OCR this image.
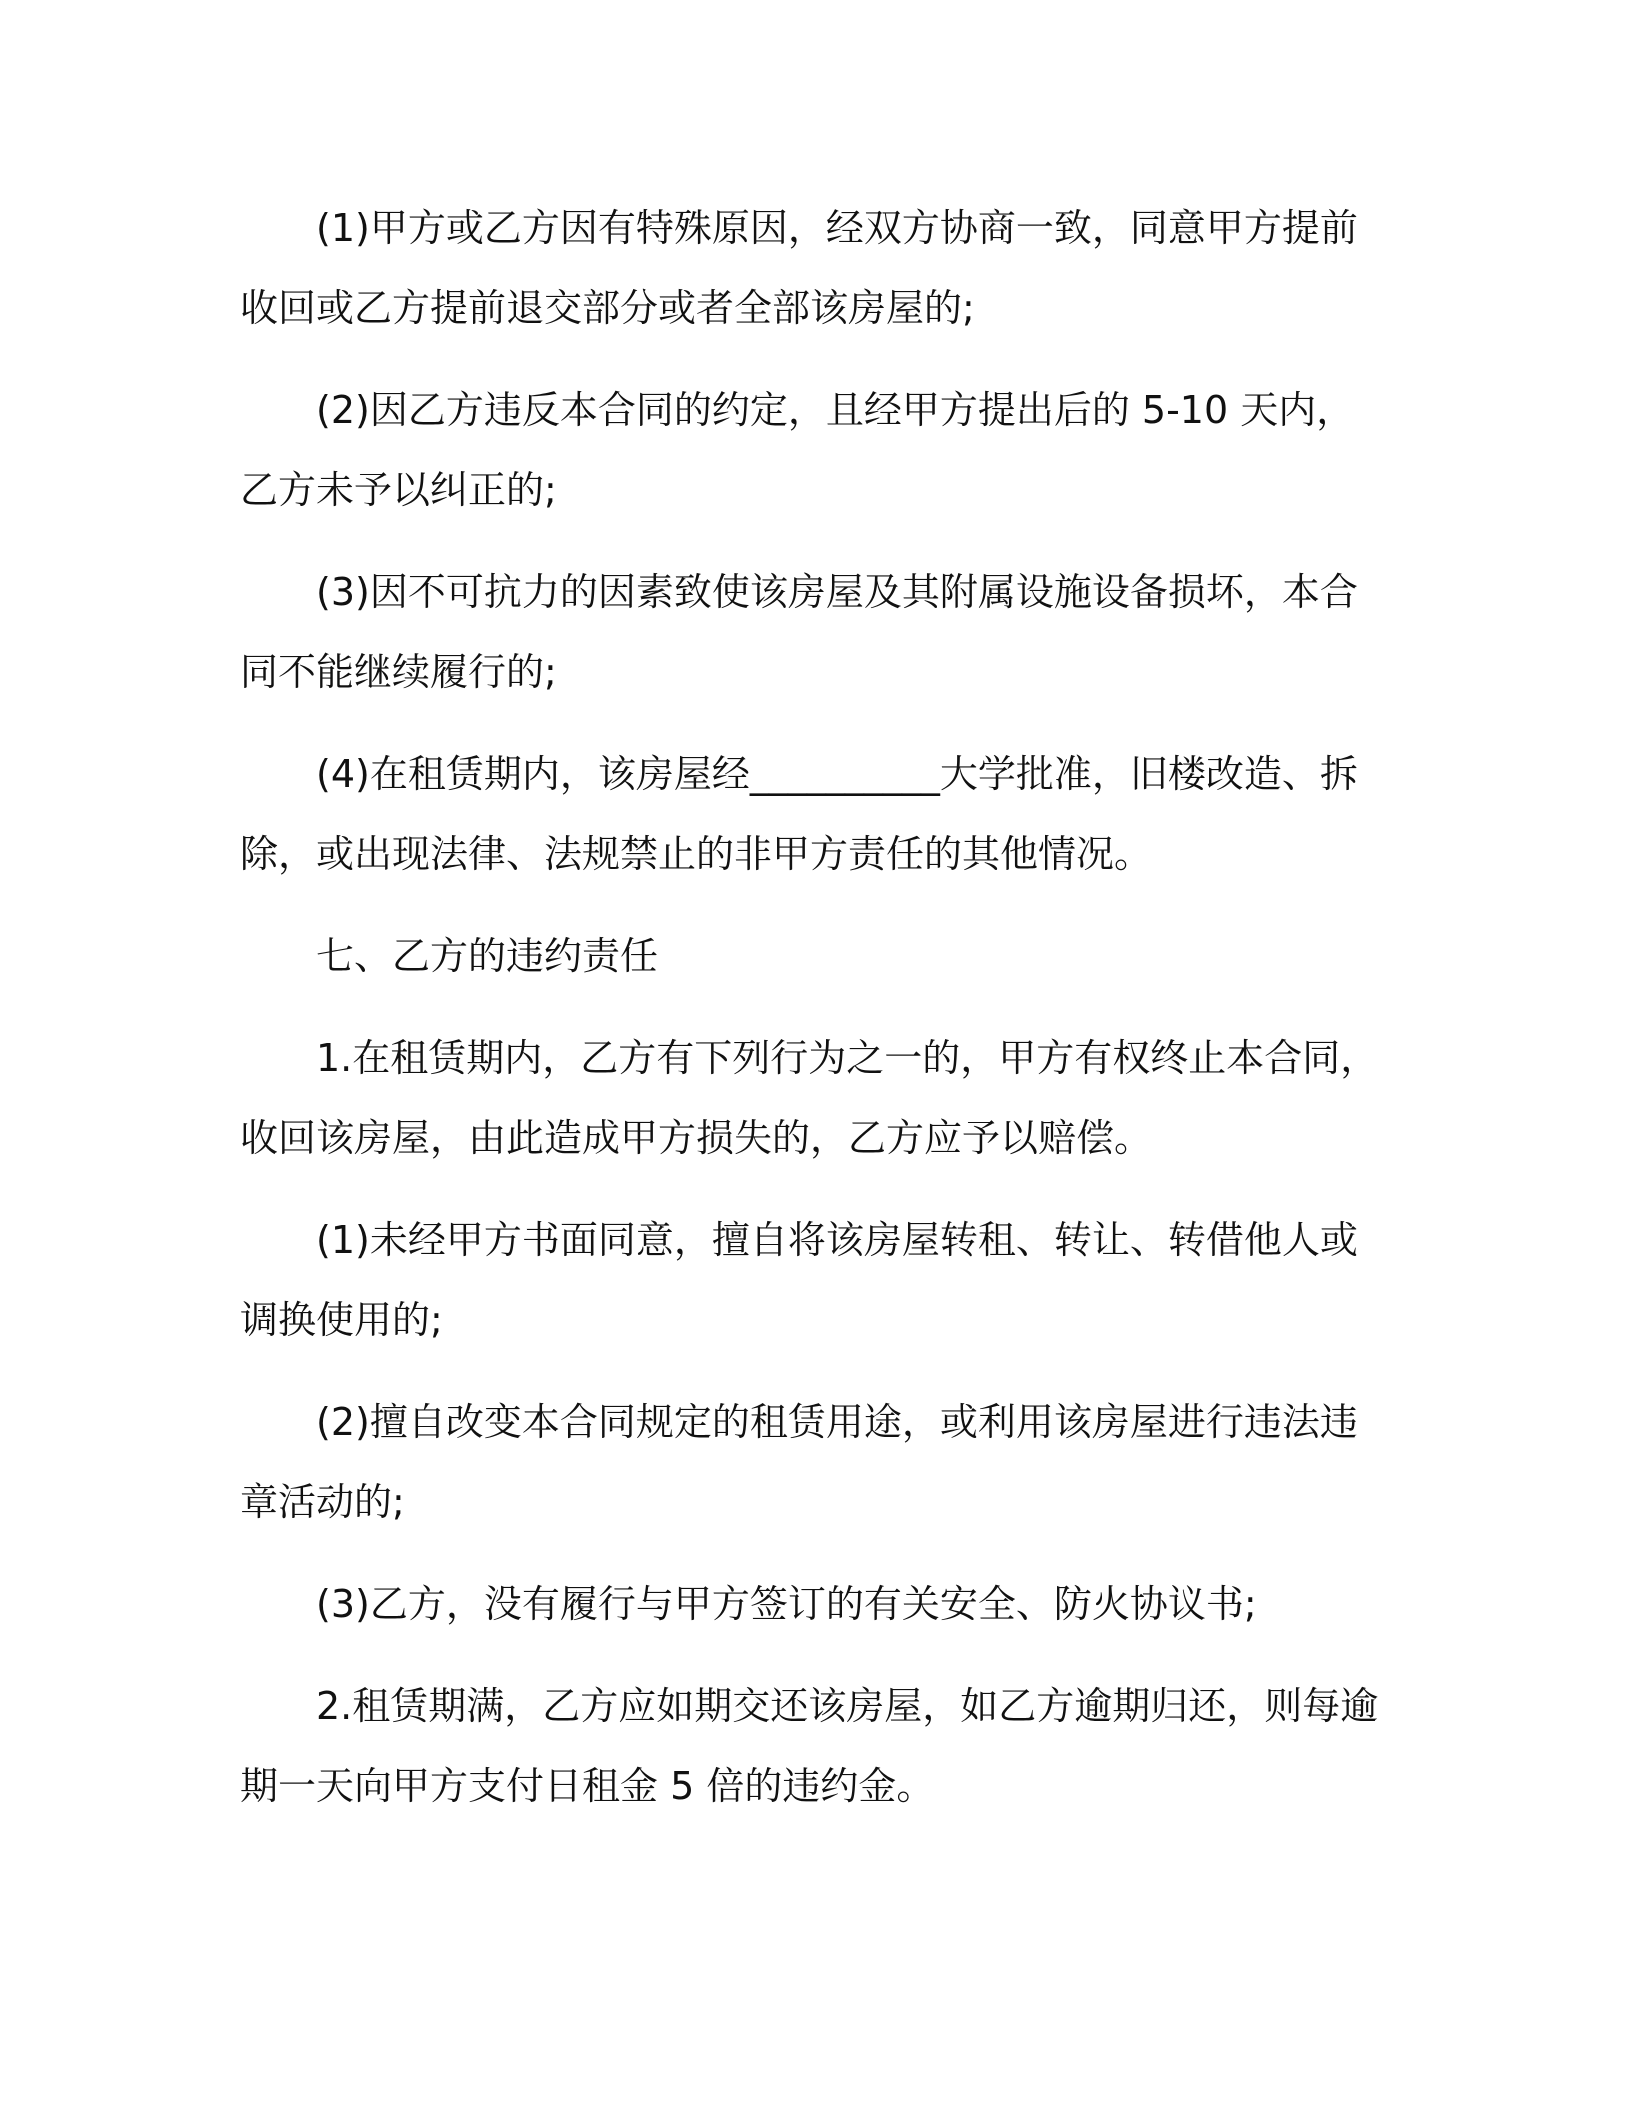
(1)甲方或乙方因有特殊原因，经双方协商一致，同意甲方提前收回或乙方提前退交部分或者全部该房屋的;

(2)因乙方违反本合同的约定，且经甲方提出后的 5-10 天内，乙方未予以纠正的;

(3)因不可抗力的因素致使该房屋及其附属设施设备损坏，本合同不能继续履行的;

(4)在租赁期内，该房屋经__________大学批准，旧楼改造、拆除，或出现法律、法规禁止的非甲方责任的其他情况。

七、乙方的违约责任

1.在租赁期内，乙方有下列行为之一的，甲方有权终止本合同，收回该房屋，由此造成甲方损失的，乙方应予以赔偿。

(1)未经甲方书面同意，擅自将该房屋转租、转让、转借他人或调换使用的;

(2)擅自改变本合同规定的租赁用途，或利用该房屋进行违法违章活动的;

(3)乙方，没有履行与甲方签订的有关安全、防火协议书;

2.租赁期满，乙方应如期交还该房屋，如乙方逾期归还，则每逾期一天向甲方支付日租金 5 倍的违约金。
